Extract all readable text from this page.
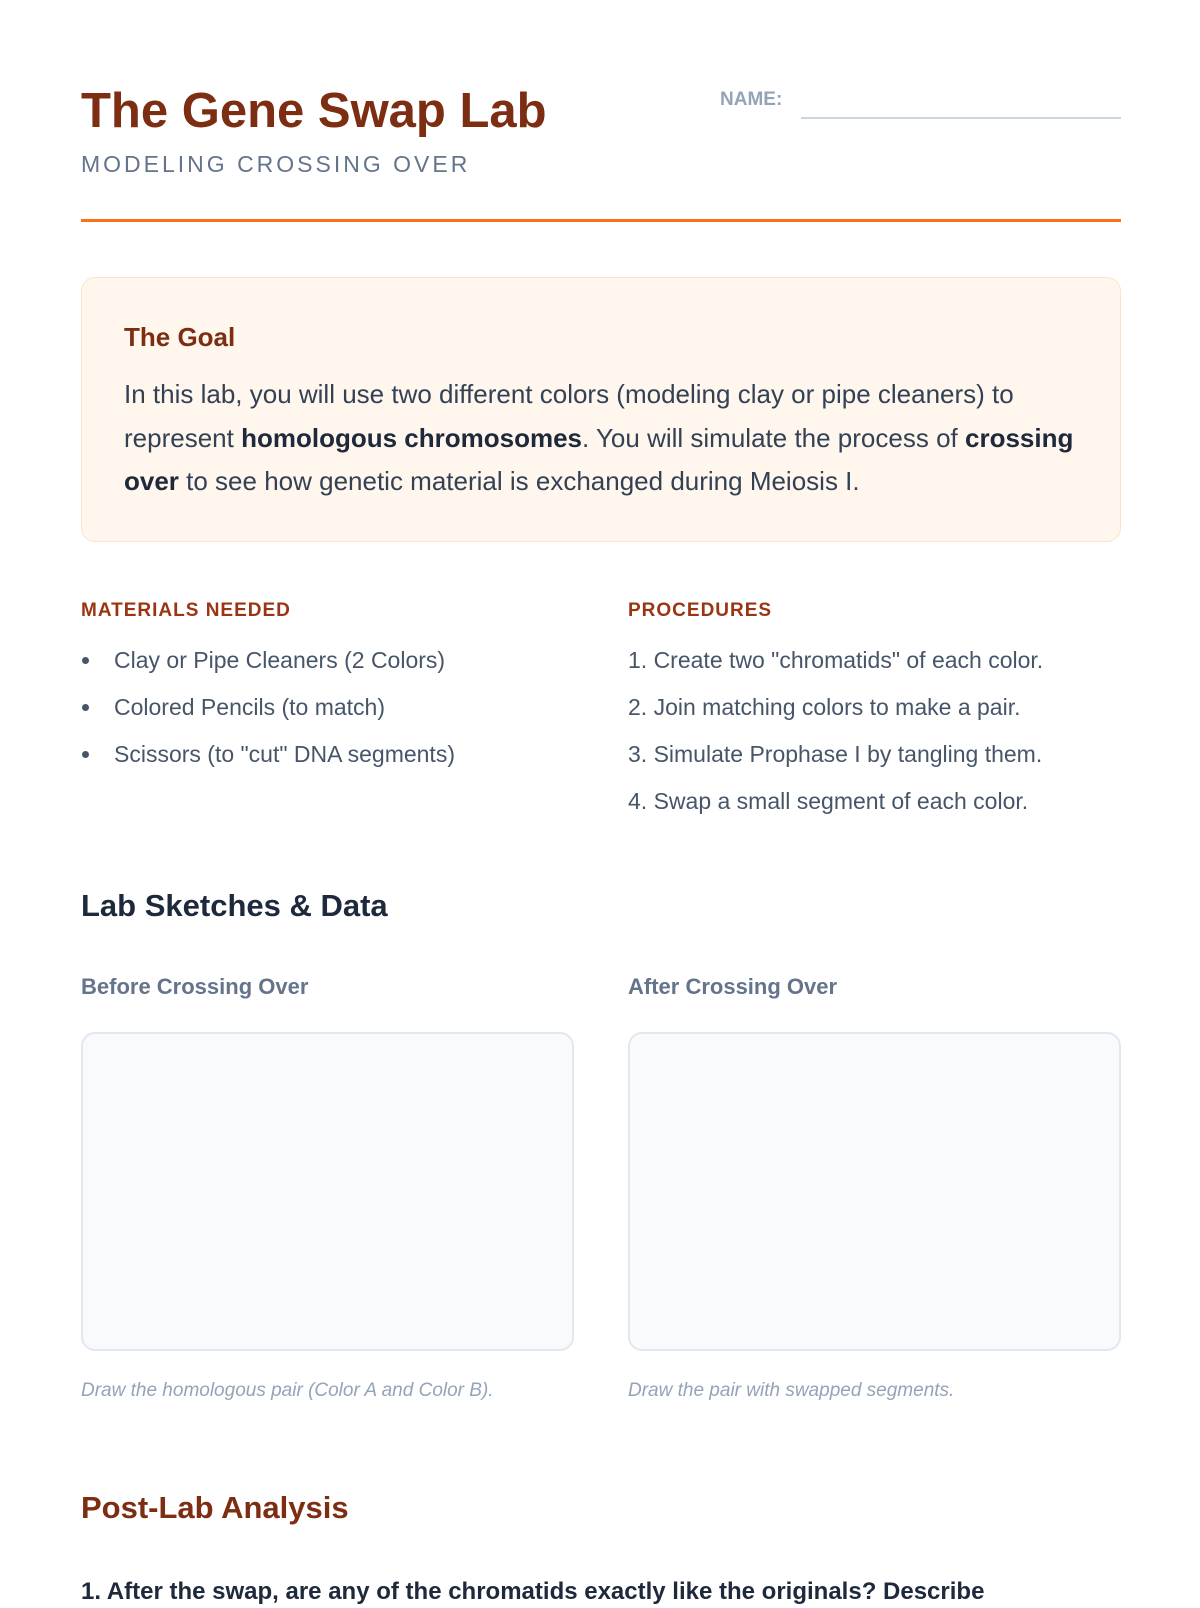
The Gene Swap Lab
MODELING CROSSING OVER
NAME:
The Goal
In this lab, you will use two different colors (modeling clay or pipe cleaners) to represent homologous chromosomes. You will simulate the process of crossing over to see how genetic material is exchanged during Meiosis I.
MATERIALS NEEDED
Clay or Pipe Cleaners (2 Colors)
Colored Pencils (to match)
Scissors (to "cut" DNA segments)
PROCEDURES
1. Create two "chromatids" of each color.
2. Join matching colors to make a pair.
3. Simulate Prophase I by tangling them.
4. Swap a small segment of each color.
Lab Sketches & Data
Before Crossing Over
Draw the homologous pair (Color A and Color B).
After Crossing Over
Draw the pair with swapped segments.
Post-Lab Analysis
1. After the swap, are any of the chromatids exactly like the originals? Describe
